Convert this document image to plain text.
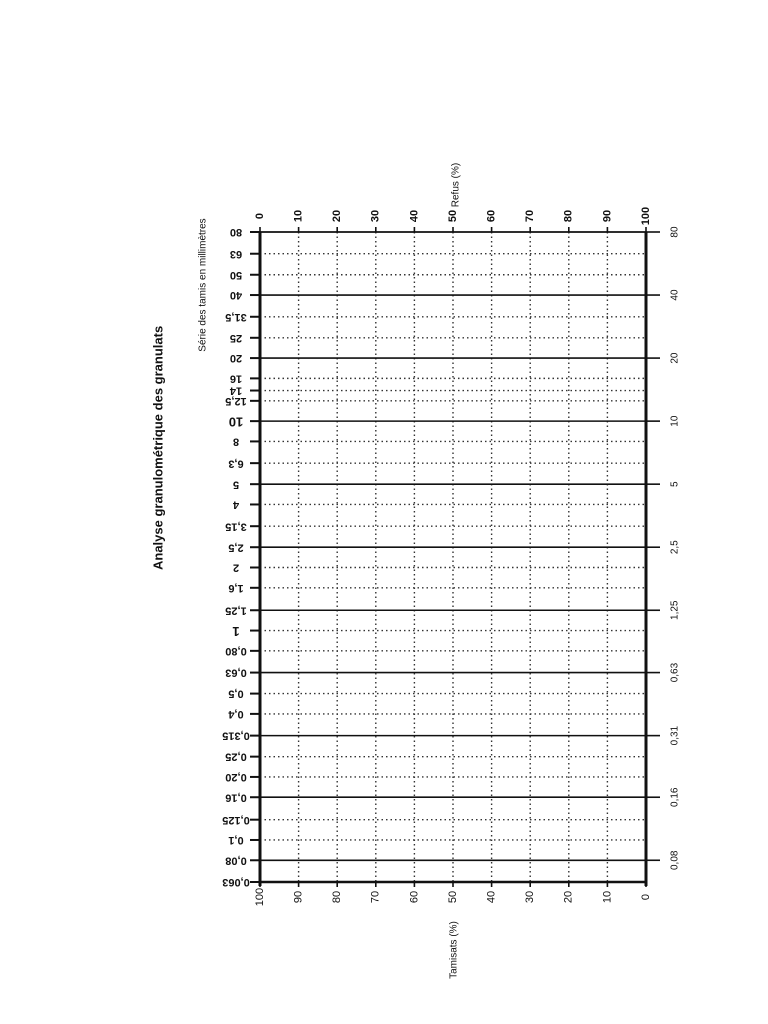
Analyse granulométrique des granulats
80
63
50
40
31,5
25
20
16
14
12,5
10
8
6,3
5
4
3,15
2,5
2
1,6
1,25
1
0,80
0,63
0,5
0,4
0,315
0,25
0,20
0,16
0,125
0,1
0,08
0,063
0 10 20 30 40 50 60 70 80 90 100
Refus (%)
100 90 80 70 60 50 40 30 20 10 0
Tamisats (%)
Série des tamis en millimètres	80
40
20
10
5
2,5
1,25
0,63
0,31
0,16
0,08
